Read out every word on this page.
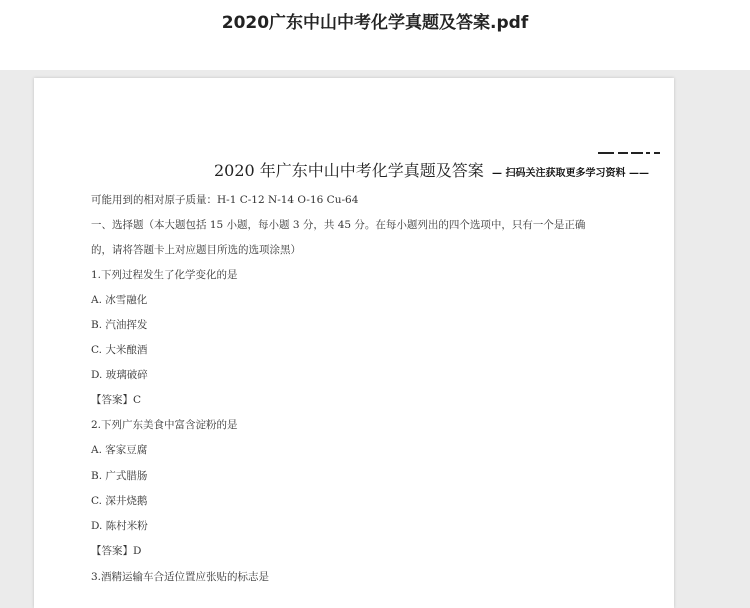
2020广东中山中考化学真题及答案.pdf
2020 年广东中山中考化学真题及答案 — 扫码关注获取更多学习资料 ——
可能用到的相对原子质量：H-1 C-12 N-14 O-16 Cu-64
一、选择题（本大题包括 15 小题，每小题 3 分，共 45 分。在每小题列出的四个选项中，只有一个是正确
的，请将答题卡上对应题目所选的选项涂黑）
1.下列过程发生了化学变化的是
A. 冰雪融化
B. 汽油挥发
C. 大米酿酒
D. 玻璃破碎
【答案】C
2.下列广东美食中富含淀粉的是
A. 客家豆腐
B. 广式腊肠
C. 深井烧鹅
D. 陈村米粉
【答案】D
3.酒精运输车合适位置应张贴的标志是
